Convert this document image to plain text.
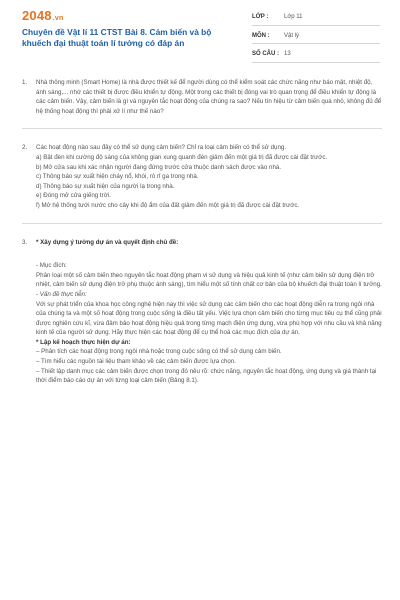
2048.vn
Chuyên đề Vật lí 11 CTST Bài 8. Cảm biến và bộ khuếch đại thuật toán lí tưởng có đáp án
LỚP :	Lớp 11
MÔN :	Vật lý
SỐ CÂU : 13
1. Nhà thông minh (Smart Home) là nhà được thiết kế để người dùng có thể kiểm soát các chức năng như báo mật, nhiệt độ, ánh sáng,... nhờ các thiết bị được điều khiển tự động. Một trong các thiết bị đóng vai trò quan trọng để điều khiển tự động là các cảm biến. Vậy, cảm biến là gì và nguyên tắc hoạt động của chúng ra sao? Nếu tín hiệu từ cảm biến quá nhỏ, không đủ để hệ thống hoạt động thì phải xử lí như thế nào?

2. Các hoạt động nào sau đây có thể sử dụng cảm biến? Chỉ ra loại cảm biến có thể sử dụng.

a) Bật đèn khi cường độ sáng của không gian xung quanh đèn giảm đến một giá trị đã được cài đặt trước.

b) Mở cửa sau khi xác nhận người đang đứng trước cửa thuộc danh sách được vào nhà.

c) Thông báo sự xuất hiện cháy nổ, khói, rò rỉ ga trong nhà.

d) Thông báo sự xuất hiện của người lạ trong nhà.

e) Đóng mở cửa giếng trời.

f) Mở hệ thống tưới nước cho cây khi độ ẩm của đất giảm đến một giá trị đã được cài đặt trước.

3. * Xây dựng ý tưởng dự án và quyết định chủ đề:

- Mục đích:

Phân loại một số cảm biến theo nguyên tắc hoạt động phạm vi sử dụng và hiệu quả kinh tế (như cảm biến sử dụng điện trở nhiệt, cảm biến sử dụng điện trở phụ thuộc ánh sáng), tìm hiểu một số tính chất cơ bản của bộ khuếch đại thuật toán lí tưởng.

- Vấn đề thực tiễn:

Với sự phát triển của khoa học công nghệ hiện nay thì việc sử dụng các cảm biến cho các hoạt động diễn ra trong ngôi nhà của chúng ta và một số hoạt động trong cuộc sống là điều tất yếu. Việc lựa chọn cảm biến cho từng mục tiêu cụ thể cũng phải được nghiên cứu kĩ, vừa đảm bảo hoạt động hiệu quả trong từng mạch điện ứng dụng, vừa phù hợp với nhu cầu và khả năng kinh tế của người sử dụng. Hãy thực hiện các hoạt động để cụ thể hoá các mục đích của dự án.

* Lập kế hoạch thực hiện dự án:

– Phân tích các hoạt động trong ngôi nhà hoặc trong cuộc sống có thể sử dụng cảm biến.

– Tìm hiểu các nguồn tài liệu tham khảo về các cảm biến được lựa chọn.

– Thiết lập danh mục các cảm biến được chọn trong đó nêu rõ: chức năng, nguyên tắc hoạt động, ứng dụng và giá thành tại thời điểm báo cáo dự án với từng loại cảm biến (Bảng 8.1).
